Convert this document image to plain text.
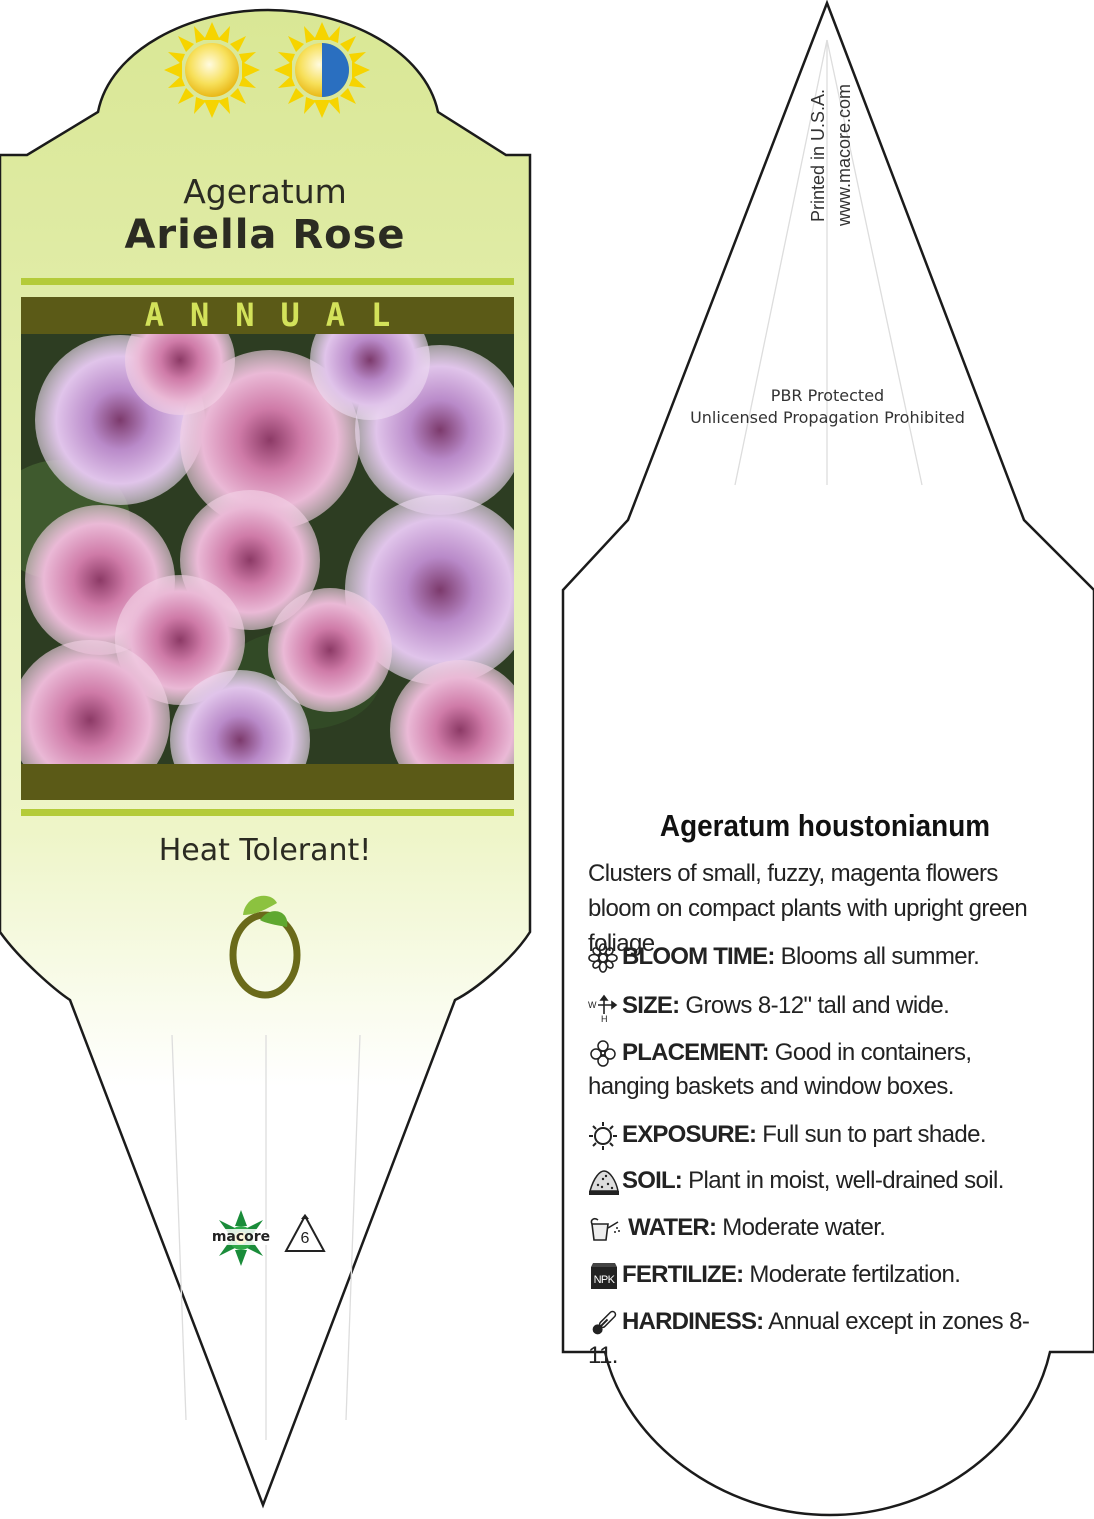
Ageratum
Ariella Rose
ANNUAL
Heat Tolerant!
macore	6
Printed in U.S.A. www.macore.com
PBR Protected
Unlicensed Propagation Prohibited
Ageratum houstonianum
Clusters of small, fuzzy, magenta flowers bloom on compact plants with upright green foliage.
BLOOM TIME: Blooms all summer.
W
H SIZE: Grows 8-12" tall and wide.
PLACEMENT: Good in containers, hanging baskets and window boxes.
EXPOSURE: Full sun to part shade.
SOIL: Plant in moist, well-drained soil.
WATER: Moderate water.
NPK FERTILIZE: Moderate fertilzation.
HARDINESS: Annual except in zones 8-11.
